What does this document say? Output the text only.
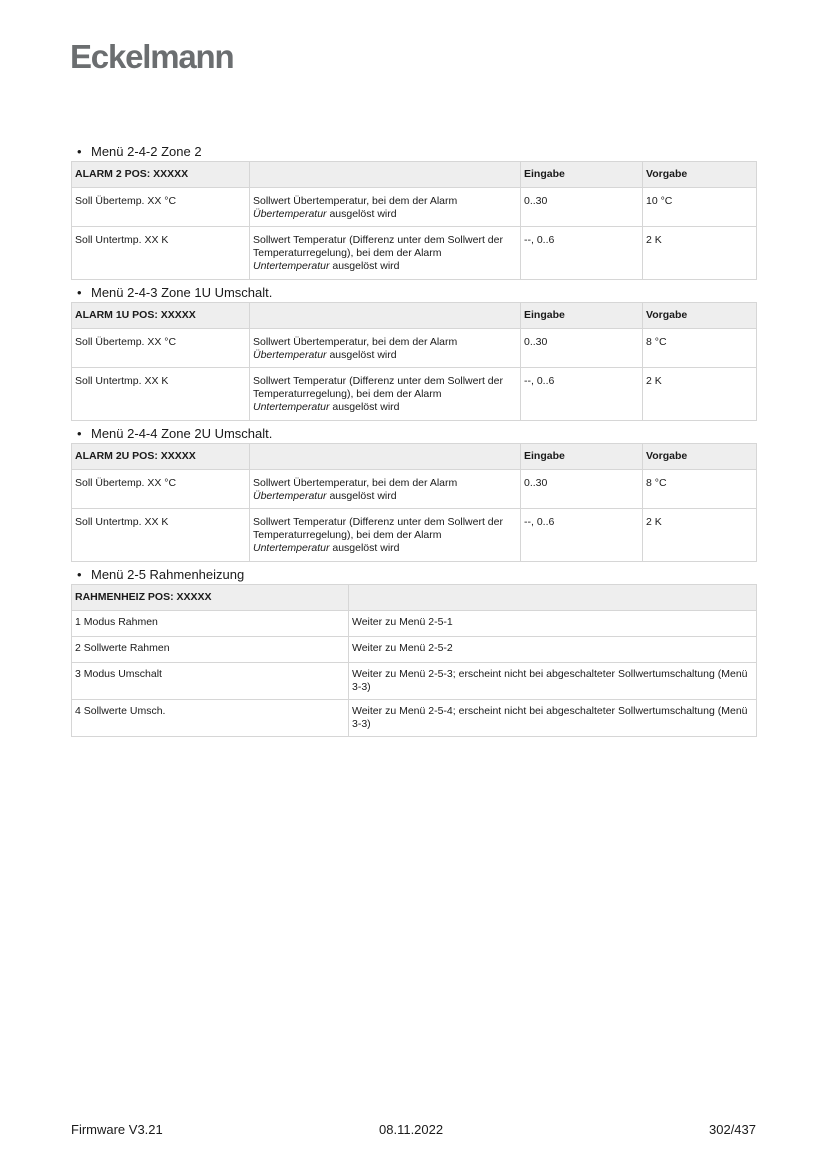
Eckelmann
• Menü 2-4-2 Zone 2
ALARM 2 POS: XXXXX		Eingabe	Vorgabe
Soll Übertemp. XX °C	Sollwert Übertemperatur, bei dem der Alarm Übertemperatur ausgelöst wird	0..30	10 °C
Soll Untertmp. XX K	Sollwert Temperatur (Differenz unter dem Sollwert der Temperaturregelung), bei dem der Alarm Untertemperatur ausgelöst wird	--, 0..6	2 K
• Menü 2-4-3 Zone 1U Umschalt.
ALARM 1U POS: XXXXX		Eingabe	Vorgabe
Soll Übertemp. XX °C	Sollwert Übertemperatur, bei dem der Alarm Übertemperatur ausgelöst wird	0..30	8 °C
Soll Untertmp. XX K	Sollwert Temperatur (Differenz unter dem Sollwert der Temperaturregelung), bei dem der Alarm Untertemperatur ausgelöst wird	--, 0..6	2 K
• Menü 2-4-4 Zone 2U Umschalt.
ALARM 2U POS: XXXXX		Eingabe	Vorgabe
Soll Übertemp. XX °C	Sollwert Übertemperatur, bei dem der Alarm Übertemperatur ausgelöst wird	0..30	8 °C
Soll Untertmp. XX K	Sollwert Temperatur (Differenz unter dem Sollwert der Temperaturregelung), bei dem der Alarm Untertemperatur ausgelöst wird	--, 0..6	2 K
• Menü 2-5 Rahmenheizung
RAHMENHEIZ POS: XXXXX	
1 Modus Rahmen	Weiter zu Menü 2-5-1
2 Sollwerte Rahmen	Weiter zu Menü 2-5-2
3 Modus Umschalt	Weiter zu Menü 2-5-3; erscheint nicht bei abgeschalteter Sollwertumschaltung (Menü 3-3)
4 Sollwerte Umsch.	Weiter zu Menü 2-5-4; erscheint nicht bei abgeschalteter Sollwertumschaltung (Menü 3-3)
Firmware V3.21	08.11.2022	302/437
